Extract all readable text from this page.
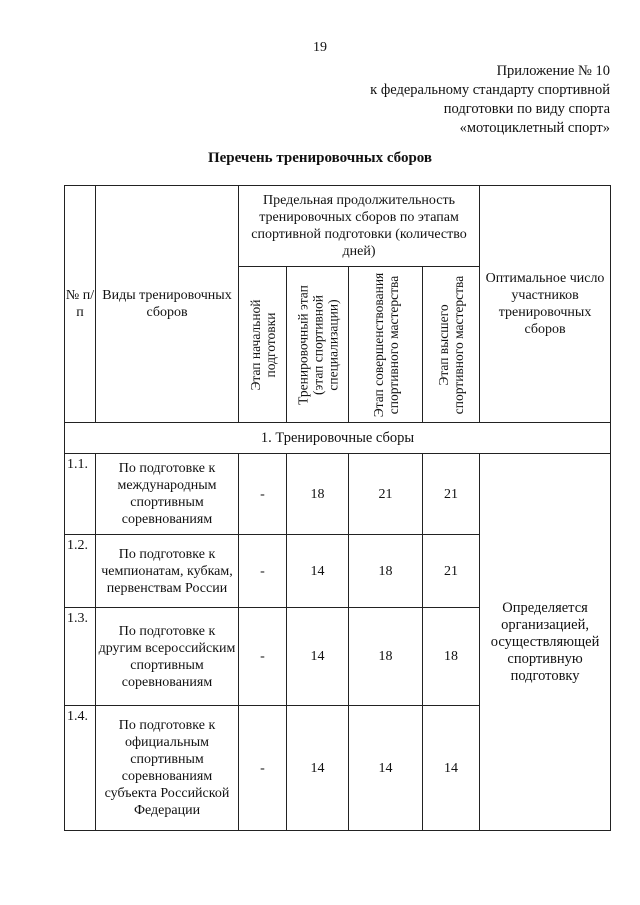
19
Приложение № 10
к федеральному стандарту спортивной
подготовки по виду спорта
«мотоциклетный спорт»
Перечень тренировочных сборов
№ п/п	Виды тренировочных сборов	Предельная продолжительность тренировочных сборов по этапам спортивной подготовки (количество дней)				Оптимальное число участников тренировочных сборов

		Этап начальной подготовки	Тренировочный этап (этап спортивной специализации)	Этап совершенствования спортивного мастерства	Этап высшего спортивного мастерства	

1. Тренировочные сборы						
1.1.	По подготовке к международным спортивным соревнованиям	-	18	21	21	Определяется организацией, осуществляющей спортивную подготовку
1.2.	По подготовке к чемпионатам, кубкам, первенствам России	-	14	18	21	
1.3.	По подготовке к другим всероссийским спортивным соревнованиям	-	14	18	18	
1.4.	По подготовке к официальным спортивным соревнованиям субъекта Российской Федерации	-	14	14	14	
